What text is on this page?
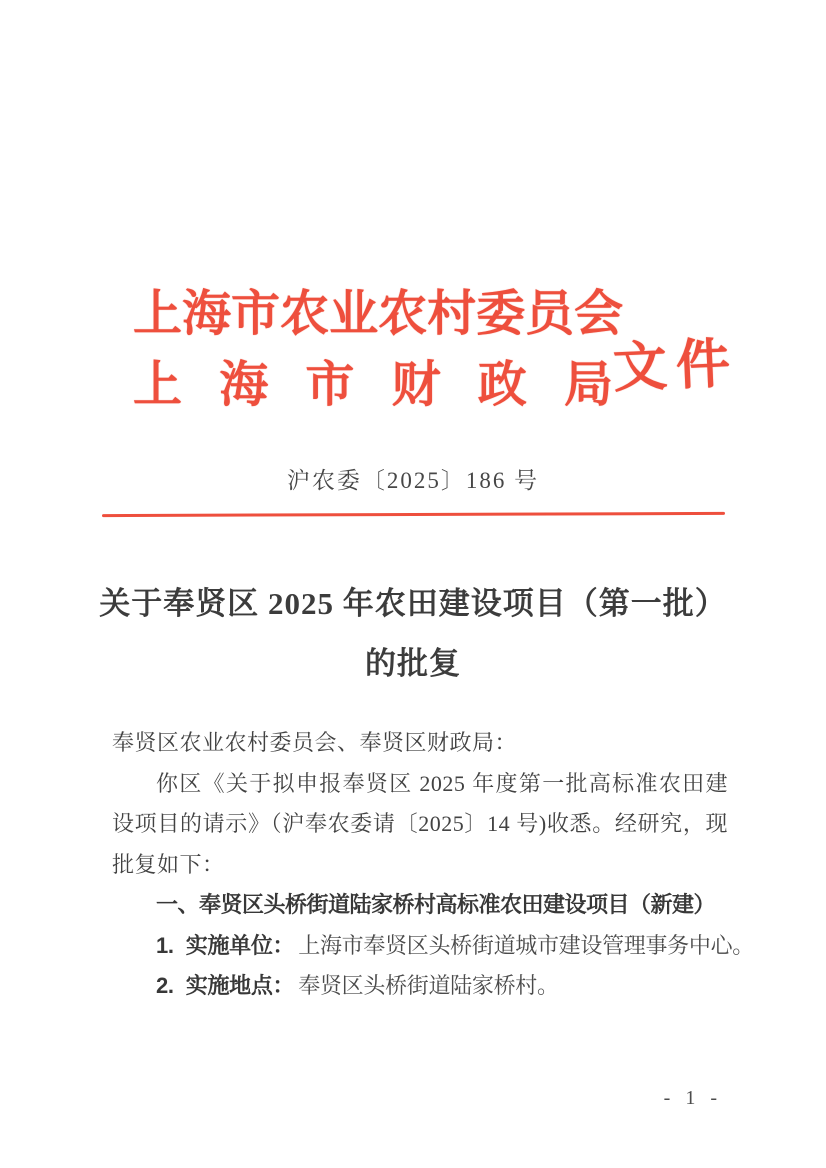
上 海 市 农 业 农 村 委 员 会
上 海 市 财 政 局
文件
沪农委〔2025〕186 号
关于奉贤区 2025 年农田建设项目（第一批）
的批复

奉贤区农业农村委员会、奉贤区财政局：

你区《关于拟申报奉贤区 2025 年度第一批高标准农田建设项目的请示》（沪奉农委请〔2025〕14 号)收悉。经研究，现批复如下：

一、奉贤区头桥街道陆家桥村高标准农田建设项目（新建）

1. 实施单位： 上海市奉贤区头桥街道城市建设管理事务中心。

2. 实施地点： 奉贤区头桥街道陆家桥村。

- 1 -
